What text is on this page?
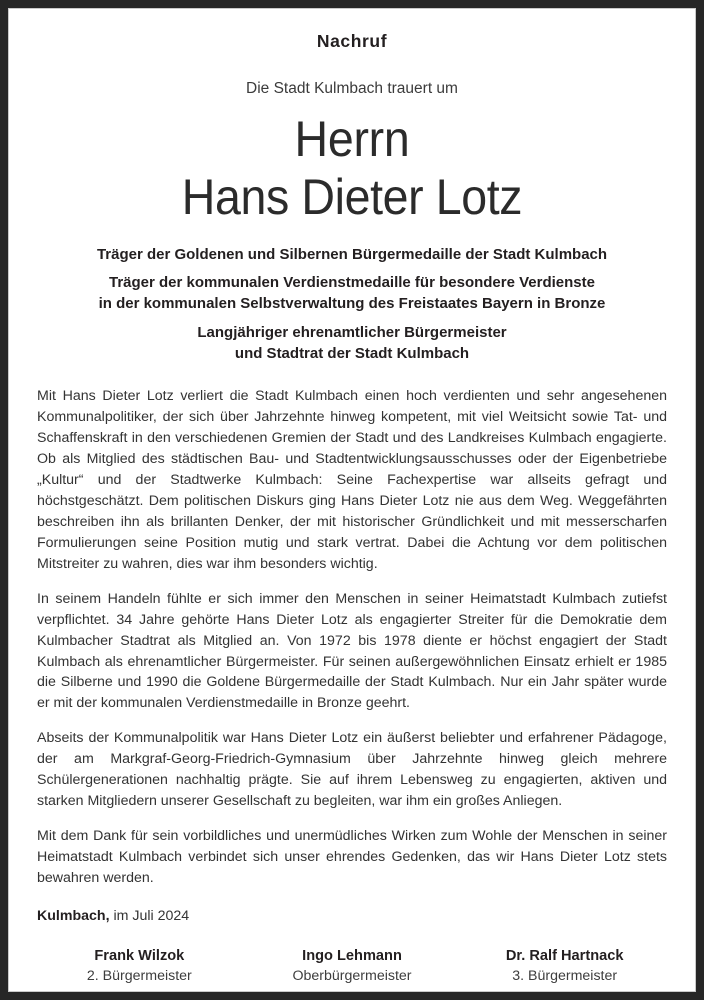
Nachruf
Die Stadt Kulmbach trauert um
Herrn
Hans Dieter Lotz
Träger der Goldenen und Silbernen Bürgermedaille der Stadt Kulmbach
Träger der kommunalen Verdienstmedaille für besondere Verdienste
in der kommunalen Selbstverwaltung des Freistaates Bayern in Bronze
Langjähriger ehrenamtlicher Bürgermeister
und Stadtrat der Stadt Kulmbach

Mit Hans Dieter Lotz verliert die Stadt Kulmbach einen hoch verdienten und sehr angesehenen Kommunalpolitiker, der sich über Jahrzehnte hinweg kompetent, mit viel Weitsicht sowie Tat- und Schaffenskraft in den verschiedenen Gremien der Stadt und des Landkreises Kulmbach engagierte. Ob als Mitglied des städtischen Bau- und Stadtentwicklungsausschusses oder der Eigenbetriebe „Kultur“ und der Stadtwerke Kulmbach: Seine Fachexpertise war allseits gefragt und höchstgeschätzt. Dem politischen Diskurs ging Hans Dieter Lotz nie aus dem Weg. Weggefährten beschreiben ihn als brillanten Denker, der mit historischer Gründlichkeit und mit messerscharfen Formulierungen seine Position mutig und stark vertrat. Dabei die Achtung vor dem politischen Mitstreiter zu wahren, dies war ihm besonders wichtig.

In seinem Handeln fühlte er sich immer den Menschen in seiner Heimatstadt Kulmbach zutiefst verpflichtet. 34 Jahre gehörte Hans Dieter Lotz als engagierter Streiter für die Demokratie dem Kulmbacher Stadtrat als Mitglied an. Von 1972 bis 1978 diente er höchst engagiert der Stadt Kulmbach als ehrenamtlicher Bürgermeister. Für seinen außergewöhnlichen Einsatz erhielt er 1985 die Silberne und 1990 die Goldene Bürgermedaille der Stadt Kulmbach. Nur ein Jahr später wurde er mit der kommunalen Verdienstmedaille in Bronze geehrt.

Abseits der Kommunalpolitik war Hans Dieter Lotz ein äußerst beliebter und erfahrener Pädagoge, der am Markgraf-Georg-Friedrich-Gymnasium über Jahrzehnte hinweg gleich mehrere Schülergenerationen nachhaltig prägte. Sie auf ihrem Lebensweg zu engagierten, aktiven und starken Mitgliedern unserer Gesellschaft zu begleiten, war ihm ein großes Anliegen.

Mit dem Dank für sein vorbildliches und unermüdliches Wirken zum Wohle der Menschen in seiner Heimatstadt Kulmbach verbindet sich unser ehrendes Gedenken, das wir Hans Dieter Lotz stets bewahren werden.

Kulmbach, im Juli 2024
Frank Wilzok
2. Bürgermeister
Ingo Lehmann
Oberbürgermeister
Dr. Ralf Hartnack
3. Bürgermeister
